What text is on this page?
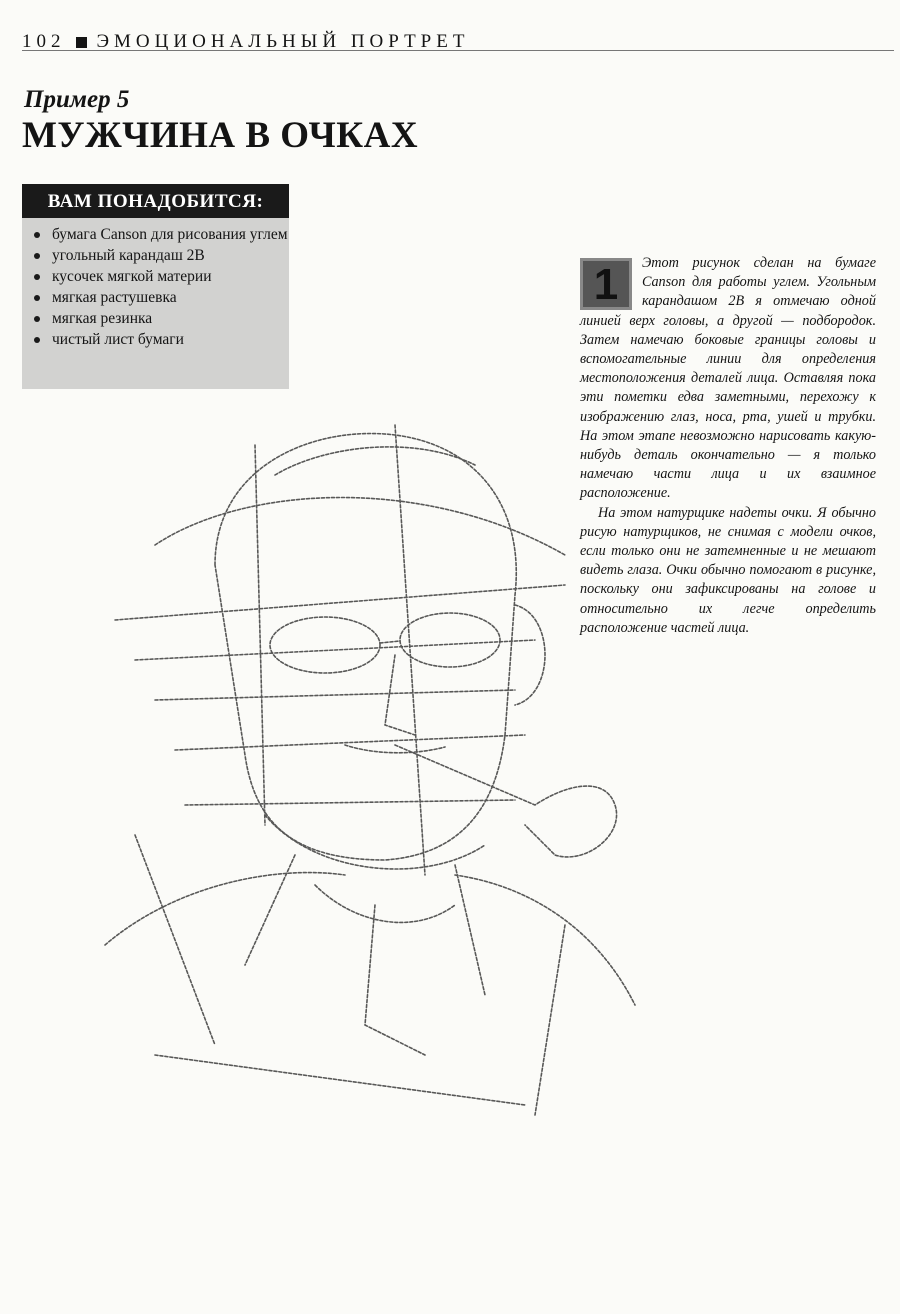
102 ЭМОЦИОНАЛЬНЫЙ ПОРТРЕТ
Пример 5
МУЖЧИНА В ОЧКАХ
ВАМ ПОНАДОБИТСЯ:
бумага Canson для рисования углем
угольный карандаш 2B
кусочек мягкой материи
мягкая растушевка
мягкая резинка
чистый лист бумаги
1	Этот рисунок сделан на бумаге Canson для работы углем. Угольным карандашом 2B я отмечаю одной линией верх головы, а другой — подбородок. Затем намечаю боковые границы головы и вспомогательные линии для определения местоположения деталей лица. Оставляя пока эти пометки едва заметными, перехожу к изображению глаз, носа, рта, ушей и трубки. На этом этапе невозможно нарисовать какую-нибудь деталь окончательно — я только намечаю части лица и их взаимное расположение.

На этом натурщике надеты очки. Я обычно рисую натурщиков, не снимая с модели очков, если только они не затемненные и не мешают видеть глаза. Очки обычно помогают в рисунке, поскольку они зафиксированы на голове и относительно их легче определить расположение частей лица.
